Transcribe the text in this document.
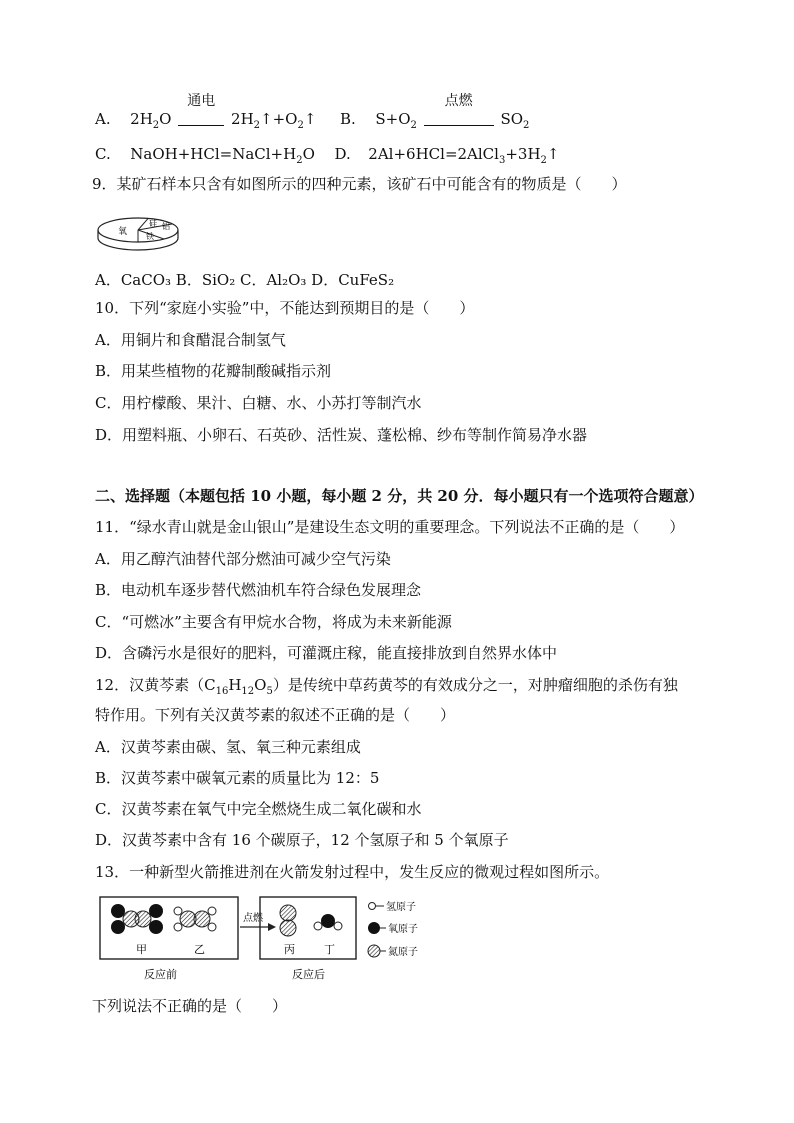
A. $2H_2O$
通电
$2H_2↑+O_2↑$ B. $S+O_2$
点燃
$SO_2$
C. $NaOH+HCl=NaCl+H_2O$ D. $2Al+6HCl=2AlCl_3+3H_2↑$
9．某矿石样本只含有如图所示的四种元素，该矿石中可能含有的物质是（　　）
氧
硅 铝
铁
A．CaCO₃ B．SiO₂ C．Al₂O₃ D．CuFeS₂
10．下列“家庭小实验”中，不能达到预期目的是（　　）
A．用铜片和食醋混合制氢气
B．用某些植物的花瓣制酸碱指示剂
C．用柠檬酸、果汁、白糖、水、小苏打等制汽水
D．用塑料瓶、小卵石、石英砂、活性炭、蓬松棉、纱布等制作简易净水器
二、选择题（本题包括 10 小题，每小题 2 分，共 20 分．每小题只有一个选项符合题意）
11．“绿水青山就是金山银山”是建设生态文明的重要理念。下列说法不正确的是（　　）
A．用乙醇汽油替代部分燃油可减少空气污染
B．电动机车逐步替代燃油机车符合绿色发展理念
C．“可燃冰”主要含有甲烷水合物，将成为未来新能源
D．含磷污水是很好的肥料，可灌溉庄稼，能直接排放到自然界水体中
12．汉黄芩素$(C_{16}H_{12}O_5)$是传统中草药黄芩的有效成分之一，对肿瘤细胞的杀伤有独
特作用。下列有关汉黄芩素的叙述不正确的是（　　）
A．汉黄芩素由碳、氢、氧三种元素组成
B．汉黄芩素中碳氧元素的质量比为 12：5
C．汉黄芩素在氧气中完全燃烧生成二氧化碳和水
D．汉黄芩素中含有 16 个碳原子，12 个氢原子和 5 个氧原子
13．一种新型火箭推进剂在火箭发射过程中，发生反应的微观过程如图所示。
甲	乙
反应前
点燃
丙	丁
反应后
氢原子
氧原子
氮原子
下列说法不正确的是（　　）
